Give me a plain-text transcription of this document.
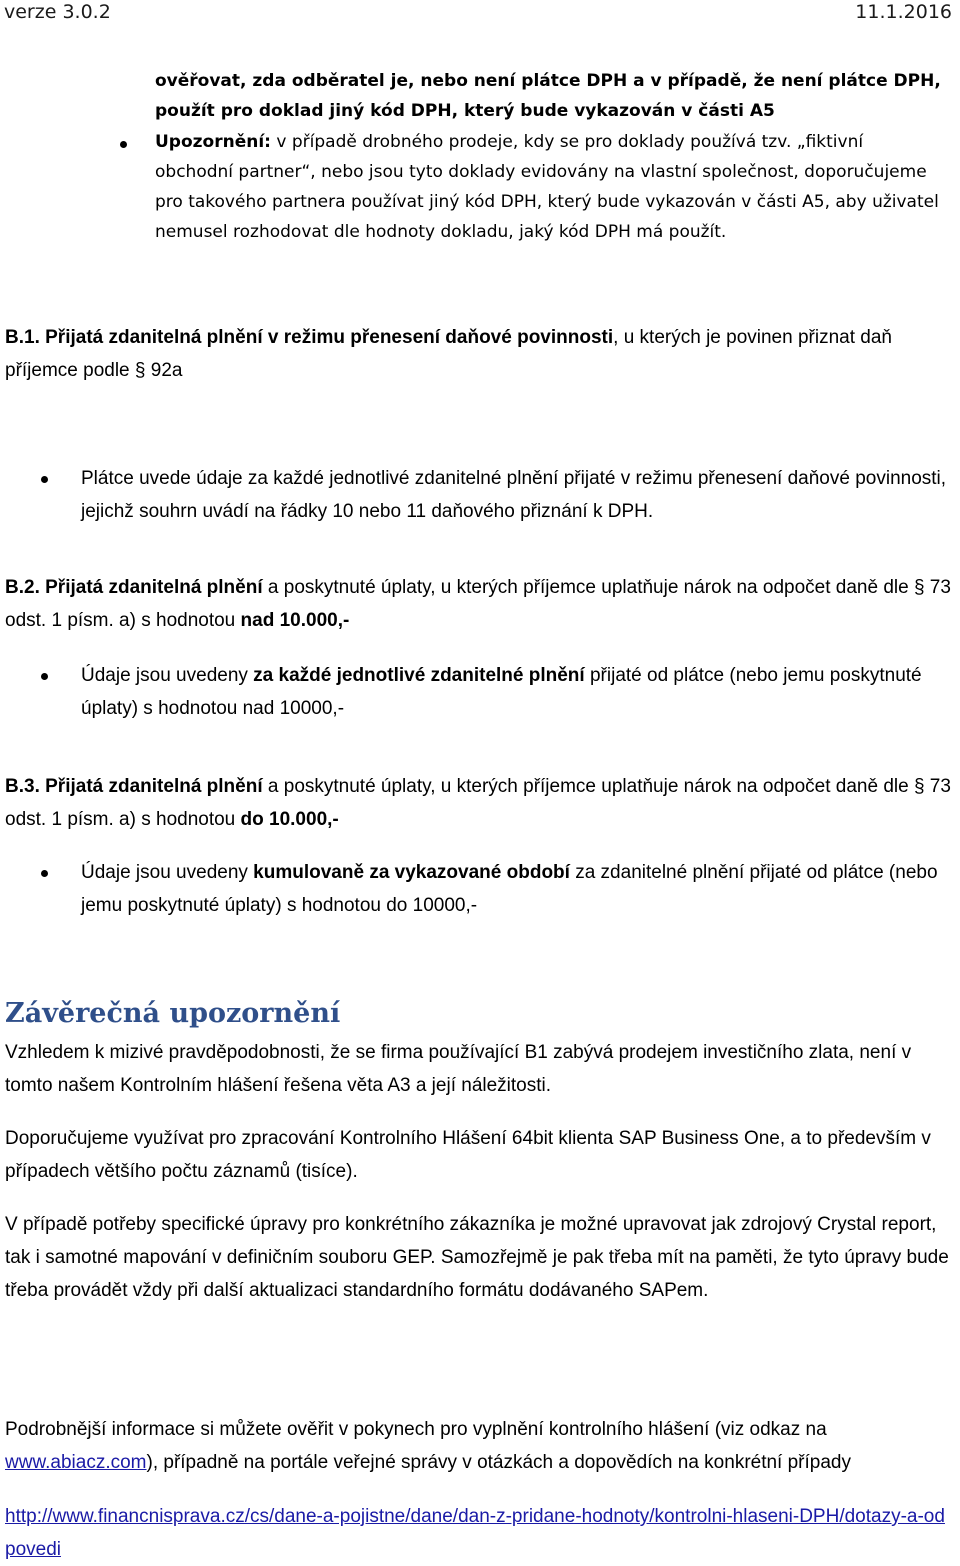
verze 3.0.2	11.1.2016

ověřovat, zda odběratel je, nebo není plátce DPH a v případě, že není plátce DPH,

použít pro doklad jiný kód DPH, který bude vykazován v části A5

Upozornění: v případě drobného prodeje, kdy se pro doklady používá tzv. „fiktivní obchodní partner“, nebo jsou tyto doklady evidovány na vlastní společnost, doporučujeme pro takového partnera používat jiný kód DPH, který bude vykazován v části A5, aby uživatel nemusel rozhodovat dle hodnoty dokladu, jaký kód DPH má použít.

B.1. Přijatá zdanitelná plnění v režimu přenesení daňové povinnosti, u kterých je povinen přiznat daň příjemce podle § 92a

Plátce uvede údaje za každé jednotlivé zdanitelné plnění přijaté v režimu přenesení daňové povinnosti, jejichž souhrn uvádí na řádky 10 nebo 11 daňového přiznání k DPH.

B.2. Přijatá zdanitelná plnění a poskytnuté úplaty, u kterých příjemce uplatňuje nárok na odpočet daně dle § 73 odst. 1 písm. a) s hodnotou nad 10.000,-

Údaje jsou uvedeny za každé jednotlivé zdanitelné plnění přijaté od plátce (nebo jemu poskytnuté úplaty) s hodnotou nad 10000,-

B.3. Přijatá zdanitelná plnění a poskytnuté úplaty, u kterých příjemce uplatňuje nárok na odpočet daně dle § 73 odst. 1 písm. a) s hodnotou do 10.000,-

Údaje jsou uvedeny kumulovaně za vykazované období za zdanitelné plnění přijaté od plátce (nebo jemu poskytnuté úplaty) s hodnotou do 10000,-

Závěrečná upozornění

Vzhledem k mizivé pravděpodobnosti, že se firma používající B1 zabývá prodejem investičního zlata, není v tomto našem Kontrolním hlášení řešena věta A3 a její náležitosti.

Doporučujeme využívat pro zpracování Kontrolního Hlášení 64bit klienta SAP Business One, a to především v případech většího počtu záznamů (tisíce).

V případě potřeby specifické úpravy pro konkrétního zákazníka je možné upravovat jak zdrojový Crystal report, tak i samotné mapování v definičním souboru GEP. Samozřejmě je pak třeba mít na paměti, že tyto úpravy bude třeba provádět vždy při další aktualizaci standardního formátu dodávaného SAPem.

Podrobnější informace si můžete ověřit v pokynech pro vyplnění kontrolního hlášení (viz odkaz na www.abiacz.com), případně na portále veřejné správy v otázkách a dopovědích na konkrétní případy

http://www.financnisprava.cz/cs/dane-a-pojistne/dane/dan-z-pridane-hodnoty/kontrolni-hlaseni-DPH/dotazy-a-odpovedi
